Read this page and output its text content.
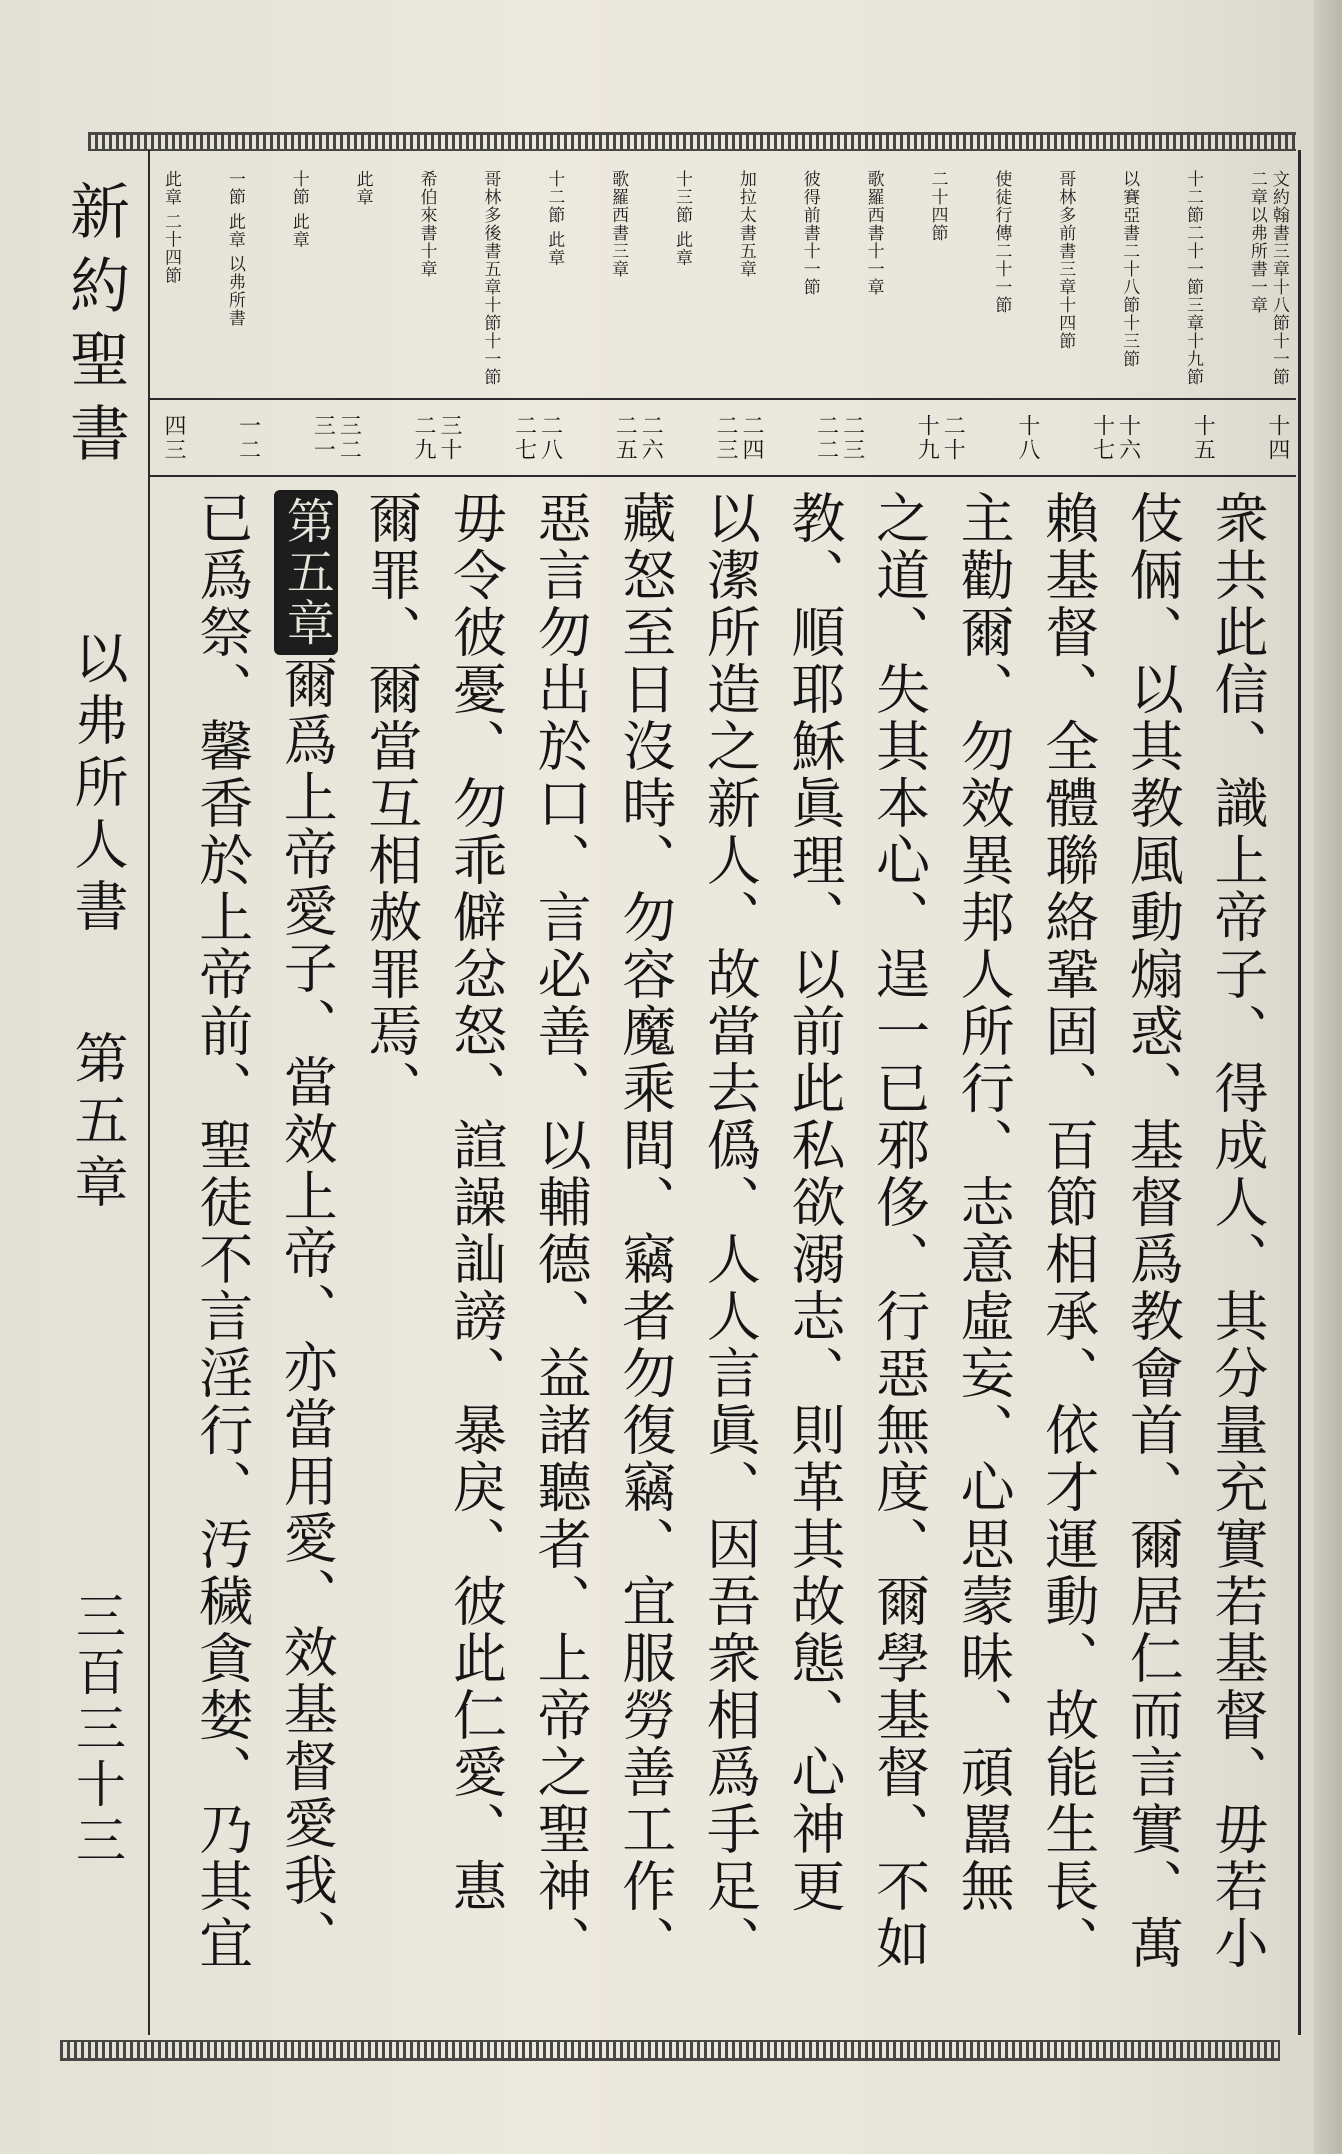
新約聖書
以弗所人書
第五章
三百三十三
文約翰書三章十八節十一節二章以弗所書一章
十二節二十一節三章十九節
以賽亞書二十八節十三節
哥林多前書三章十四節
使徒行傳二十一節
二十四節
歌羅西書十一章
彼得前書十一節
加拉太書五章
十三節 此章
歌羅西書三章
十二節 此章
哥林多後書五章十節十一節
希伯來書十章
此章
十節 此章
一節 此章 以弗所書
此章 二十四節
十四
十五
十六十七
十八
二十十九
二三二二
二四二三
二六二五
二八二七
三十二九
三二三一
一二
四三
衆共此信、識上帝子、得成人、其分量充實若基督、毋若小
伎倆、以其教風動煽惑、基督爲教會首、爾居仁而言實、萬
賴基督、全體聯絡鞏固、百節相承、依才運動、故能生長、
主勸爾、勿效異邦人所行、志意虛妄、心思蒙昧、頑嚚無
之道、失其本心、逞一已邪侈、行惡無度、爾學基督、不如
教、順耶穌眞理、以前此私欲溺志、則革其故態、心神更
以潔所造之新人、故當去僞、人人言眞、因吾衆相爲手足、
藏怒至日沒時、勿容魔乘間、竊者勿復竊、宜服勞善工作、
惡言勿出於口、言必善、以輔德、益諸聽者、上帝之聖神、
毋令彼憂、勿乖僻忿怒、諠譟訕謗、暴戾、彼此仁愛、惠
爾罪、爾當互相赦罪焉、
第五章爾爲上帝愛子、當效上帝、亦當用愛、效基督愛我、
已爲祭、馨香於上帝前、聖徒不言淫行、汚穢貪婪、乃其宜
